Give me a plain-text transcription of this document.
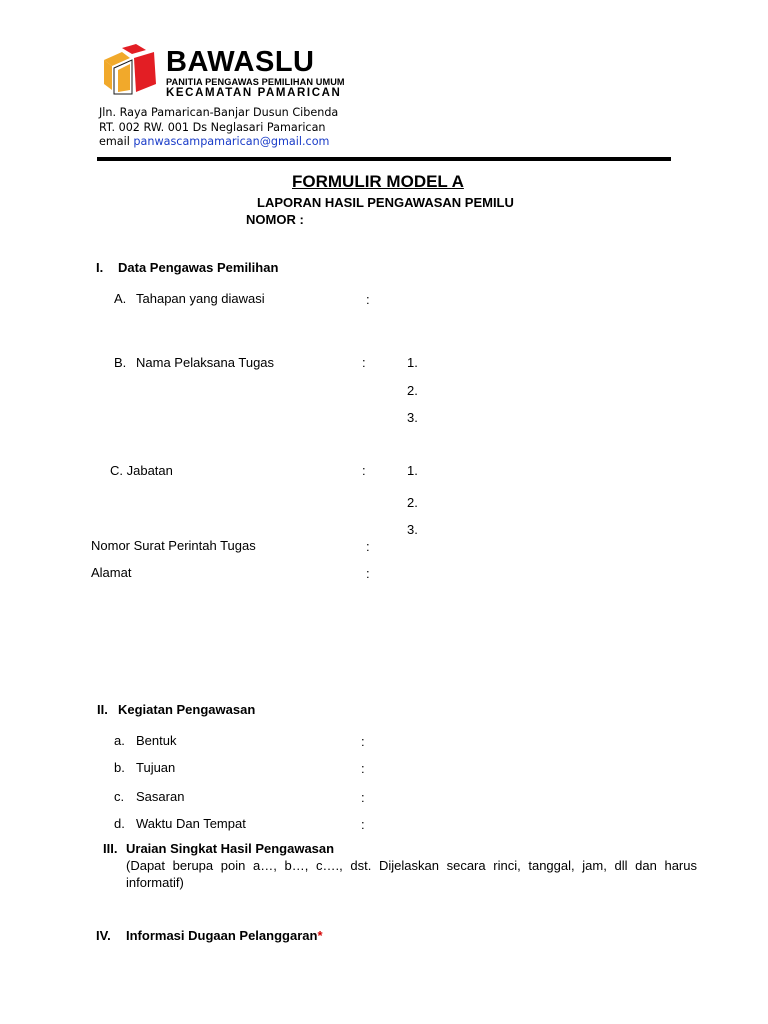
BAWASLU
PANITIA PENGAWAS PEMILIHAN UMUM
KECAMATAN PAMARICAN
Jln. Raya Pamarican-Banjar Dusun Cibenda
RT. 002 RW. 001 Ds Neglasari Pamarican
email panwascampamarican@gmail.com
FORMULIR MODEL A
LAPORAN HASIL PENGAWASAN PEMILU
NOMOR :
I. Data Pengawas Pemilihan
A. Tahapan yang diawasi	:
B. Nama Pelaksana Tugas	:	1.
2.
3.
C. Jabatan	:	1.
2.
3.
Nomor Surat Perintah Tugas	:
Alamat	:
II. Kegiatan Pengawasan
a. Bentuk	:
b. Tujuan	:
c. Sasaran	:
d. Waktu Dan Tempat	:
III. Uraian Singkat Hasil Pengawasan
(Dapat berupa poin a…, b…, c…., dst. Dijelaskan secara rinci, tanggal, jam, dll dan harus informatif)
IV. Informasi Dugaan Pelanggaran*
